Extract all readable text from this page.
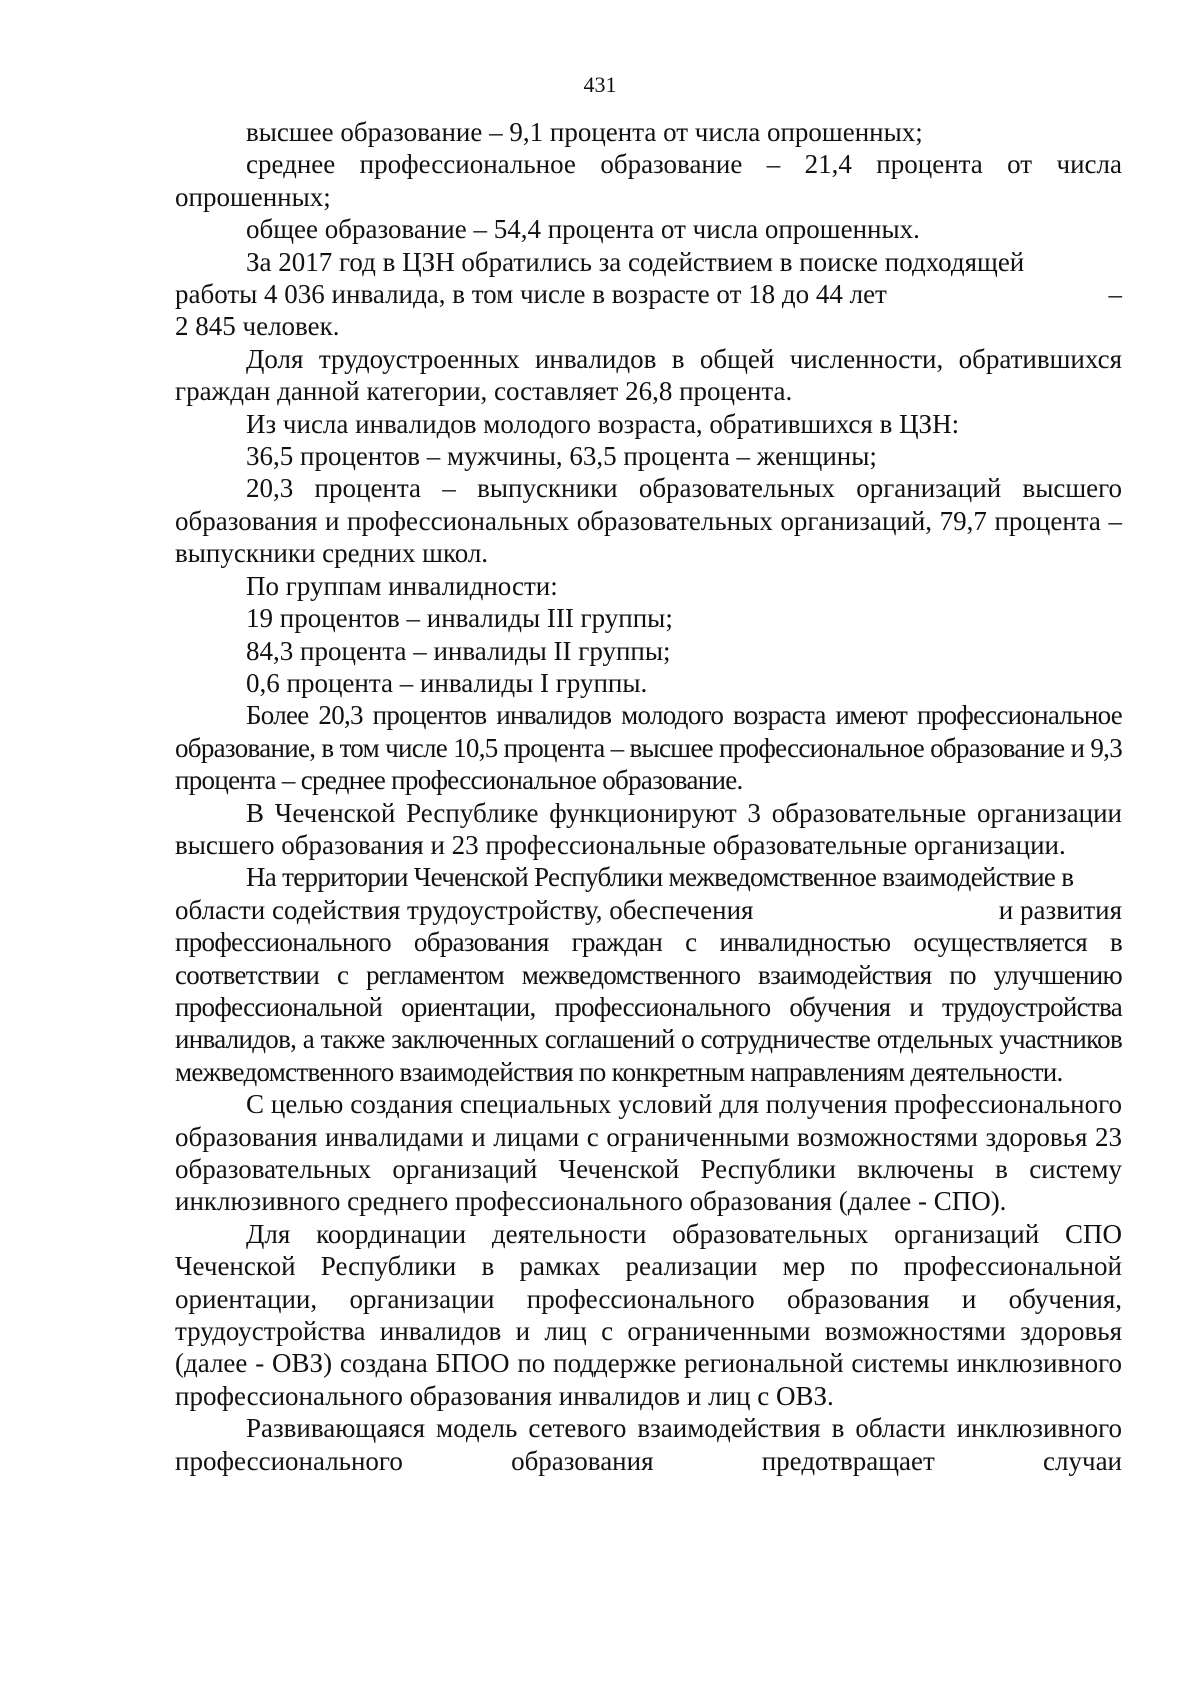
431

высшее образование – 9,1 процента от числа опрошенных;

среднее профессиональное образование – 21,4 процента от числа опрошенных;

общее образование – 54,4 процента от числа опрошенных.

За 2017 год в ЦЗН обратились за содействием в поиске подходящей

работы 4 036 инвалида, в том числе в возрасте от 18 до 44 лет	–

2 845 человек.

Доля трудоустроенных инвалидов в общей численности, обратившихся граждан данной категории, составляет 26,8 процента.

Из числа инвалидов молодого возраста, обратившихся в ЦЗН:

36,5 процентов – мужчины, 63,5 процента – женщины;

20,3 процента – выпускники образовательных организаций высшего образования и профессиональных образовательных организаций, 79,7 процента – выпускники средних школ.

По группам инвалидности:

19 процентов – инвалиды III группы;

84,3 процента – инвалиды II группы;

0,6 процента – инвалиды I группы.

Более 20,3 процентов инвалидов молодого возраста имеют профессиональное образование, в том числе 10,5 процента – высшее профессиональное образование и 9,3 процента – среднее профессиональное образование.

В Чеченской Республике функционируют 3 образовательные организации высшего образования и 23 профессиональные образовательные организации.

На территории Чеченской Республики межведомственное взаимодействие в

области содействия трудоустройству, обеспечения	и развития

профессионального образования граждан с инвалидностью осуществляется в соответствии с регламентом межведомственного взаимодействия по улучшению профессиональной ориентации, профессионального обучения и трудоустройства инвалидов, а также заключенных соглашений о сотрудничестве отдельных участников межведомственного взаимодействия по конкретным направлениям деятельности.

С целью создания специальных условий для получения профессионального образования инвалидами и лицами с ограниченными возможностями здоровья 23 образовательных организаций Чеченской Республики включены в систему инклюзивного среднего профессионального образования (далее - СПО).

Для координации деятельности образовательных организаций СПО Чеченской Республики в рамках реализации мер по профессиональной ориентации, организации профессионального образования и обучения, трудоустройства инвалидов и лиц с ограниченными возможностями здоровья (далее - ОВЗ) создана БПОО по поддержке региональной системы инклюзивного профессионального образования инвалидов и лиц с ОВЗ.

Развивающаяся модель сетевого взаимодействия в области инклюзивного профессионального образования предотвращает случаи
